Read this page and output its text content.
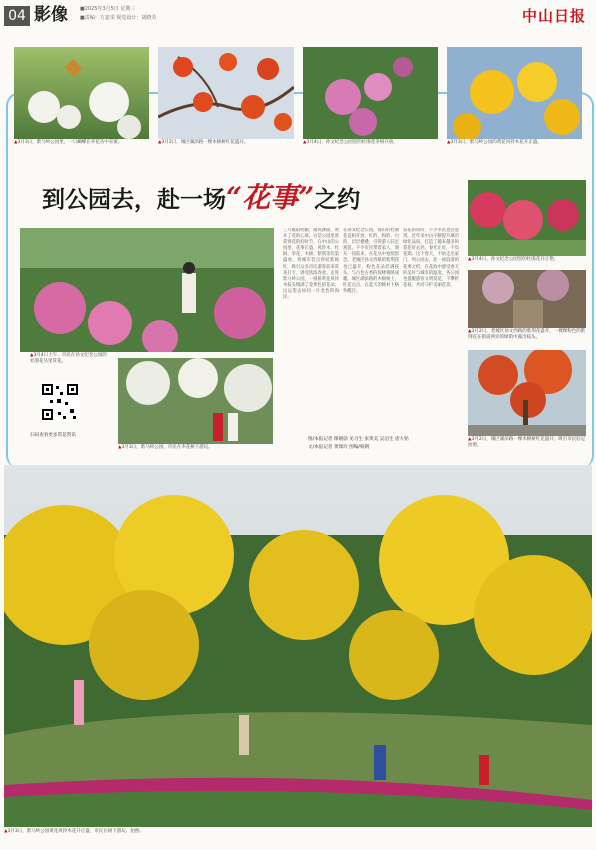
04 影像 ■2025年3月5日 星期三
■责编：方嘉雯 视觉设计：胡晓芙	中山日报
▲3月3日，紫马岭公园里，一只蝴蝶在李花丛中采蜜。	▲3月2日，城区湖滨路一棵木棉树红花盛开。	▲3月4日，孙文纪念公园里的杜鹃花争相开放。	▲3月3日，紫马岭公园的黄花风铃木花开正盛。
到公园去，赴一场“花事”之约
▲3月4日上午，市民在孙文纪念公园的杜鹃花丛里赏花。
▲3月3日，紫马岭公园，市民在李花树下游玩。
扫码查看更多赏花资讯
三月暖阳明媚，微风拂面，吹开了花的心扉。这是公园里欣赏春花的好时节，在中山的公园里，花事正盛，风铃木、杜鹃、李花、木棉、紫荆等次第盛放，将城市装点得姹紫嫣红，吸引众多市民游客前来赏花打卡，感受浓浓春意。走进紫马岭公园，一排排黄花风铃木枝头缀满了金黄色的花朵，远远望去如同一片金色的海洋。
在孙文纪念公园，漫山的杜鹃花竞相开放，红的、粉的、白的，层层叠叠，引得游人驻足观赏。不少市民带着家人、朋友一同前来，在花丛中拍照留念。老城区孙文西路的紫荆花也已盛开，粉色花朵挂满枝头，与古色古香的骑楼相映成趣。城区湖滨路的木棉树上，红花点点，在蓝天的映衬下格外醒目。
赏花的同时，不少市民也注意到，近年来中山不断提升城市绿化品质，打造了越来越多的赏花好去处。春光正好，不负花期。这个春天，不妨走出家门，到公园去，赴一场浪漫的花事之约，在花海中感受春天的美好与城市的温度。各公园也提醒游客文明赏花，不攀折花枝，共同守护美丽花景。
图/本报记者 缪晓勍 见习生 张黄美 吴泊生 唐大铭
文/本报记者 黄瑞玲 图编/杨钢
▲3月4日，孙文纪念公园里的杜鹃花开正艳。
▲3月2日，老城区孙文西路的紫荆花盛开，一棵棵粉色的紫荆花在街道两旁的绿荫中露出枝头。
▲3月2日，城区湖滨路一棵木棉树红花盛开，吸引市民驻足拍照。
▲3月3日，紫马岭公园黄花风铃木花开正盛，市民在树下游玩、拍照。
